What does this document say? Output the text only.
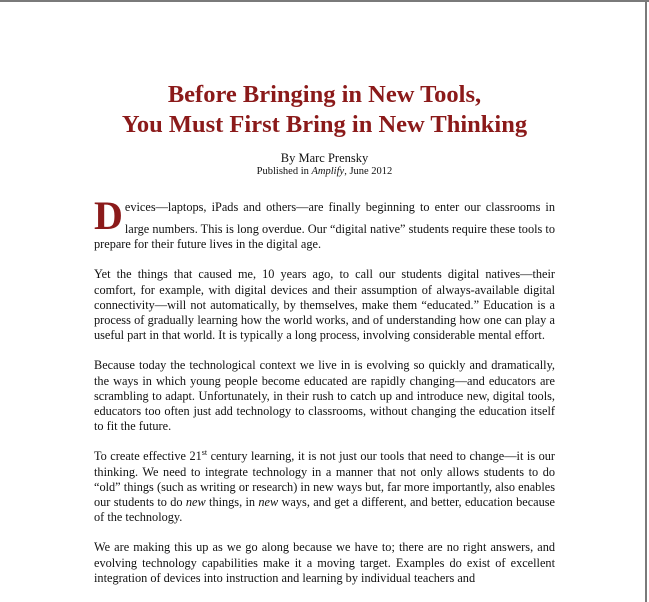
Before Bringing in New Tools,
You Must First Bring in New Thinking
By Marc Prensky
Published in Amplify, June 2012

Devices—laptops, iPads and others—are finally beginning to enter our classrooms in large numbers. This is long overdue. Our “digital native” students require these tools to prepare for their future lives in the digital age.

Yet the things that caused me, 10 years ago, to call our students digital natives—their comfort, for example, with digital devices and their assumption of always-available digital connectivity—will not automatically, by themselves, make them “educated.” Education is a process of gradually learning how the world works, and of understanding how one can play a useful part in that world. It is typically a long process, involving considerable mental effort.

Because today the technological context we live in is evolving so quickly and dramatically, the ways in which young people become educated are rapidly changing—and educators are scrambling to adapt. Unfortunately, in their rush to catch up and introduce new, digital tools, educators too often just add technology to classrooms, without changing the education itself to fit the future.

To create effective 21st century learning, it is not just our tools that need to change—it is our thinking. We need to integrate technology in a manner that not only allows students to do “old” things (such as writing or research) in new ways but, far more importantly, also enables our students to do new things, in new ways, and get a different, and better, education because of the technology.

We are making this up as we go along because we have to; there are no right answers, and evolving technology capabilities make it a moving target. Examples do exist of excellent integration of devices into instruction and learning by individual teachers and
